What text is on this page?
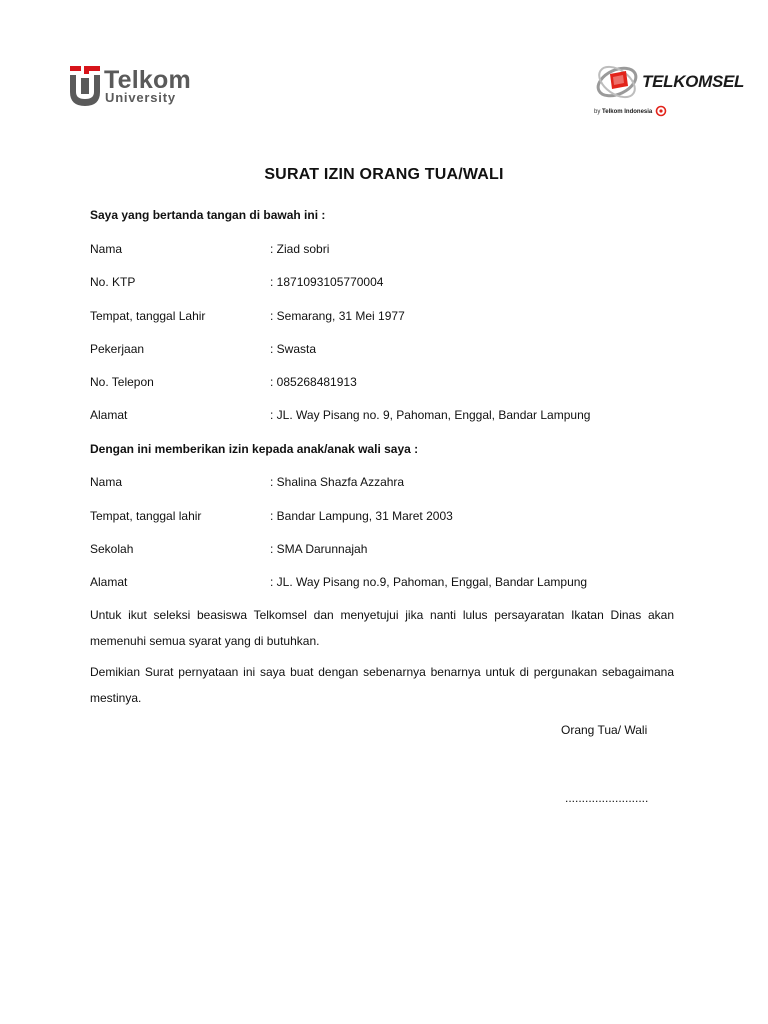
Telkom
University
TELKOMSEL
by Telkom Indonesia
SURAT IZIN ORANG TUA/WALI
Saya yang bertanda tangan di bawah ini :
Nama	: Ziad sobri
No. KTP	: 1871093105770004
Tempat, tanggal Lahir	: Semarang, 31 Mei 1977
Pekerjaan	: Swasta
No. Telepon	: 085268481913
Alamat	: JL. Way Pisang no. 9, Pahoman, Enggal, Bandar Lampung
Dengan ini memberikan izin kepada anak/anak wali saya :
Nama	: Shalina Shazfa Azzahra
Tempat, tanggal lahir	: Bandar Lampung, 31 Maret 2003
Sekolah	: SMA Darunnajah
Alamat	: JL. Way Pisang no.9, Pahoman, Enggal, Bandar Lampung
Untuk ikut seleksi beasiswa Telkomsel dan menyetujui jika nanti lulus persayaratan Ikatan Dinas akan memenuhi semua syarat yang di butuhkan.
Demikian Surat pernyataan ini saya buat dengan sebenarnya benarnya untuk di pergunakan sebagaimana mestinya.
Orang Tua/ Wali
.........................
